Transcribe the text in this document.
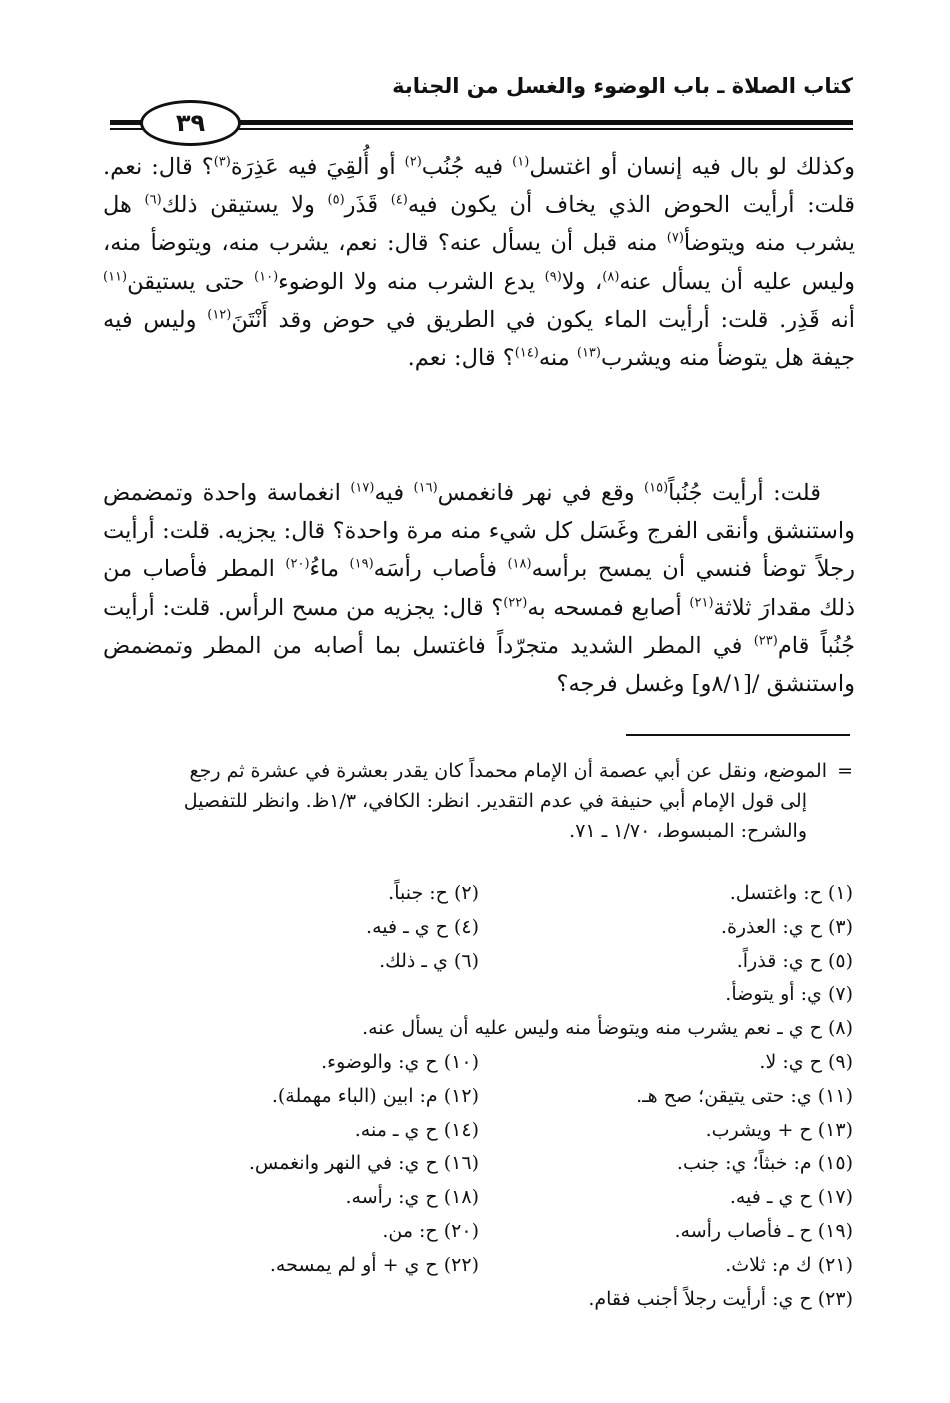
كتاب الصلاة ـ باب الوضوء والغسل من الجنابة
٣٩
وكذلك لو بال فيه إنسان أو اغتسل$^{(١)}$ فيه جُنُب$^{(٢)}$ أو أُلقِيَ فيه عَذِرَة$^{(٣)}$؟ قال: نعم. قلت: أرأيت الحوض الذي يخاف أن يكون فيه$^{(٤)}$ قَذَر$^{(٥)}$ ولا يستيقن ذلك$^{(٦)}$ هل يشرب منه ويتوضأ$^{(٧)}$ منه قبل أن يسأل عنه؟ قال: نعم، يشرب منه، ويتوضأ منه، وليس عليه أن يسأل عنه$^{(٨)}$، ولا$^{(٩)}$ يدع الشرب منه ولا الوضوء$^{(١٠)}$ حتى يستيقن$^{(١١)}$ أنه قَذِر. قلت: أرأيت الماء يكون في الطريق في حوض وقد أَنْتَنَ$^{(١٢)}$ وليس فيه جيفة هل يتوضأ منه ويشرب$^{(١٣)}$ منه$^{(١٤)}$؟ قال: نعم.
قلت: أرأيت جُنُباً$^{(١٥)}$ وقع في نهر فانغمس$^{(١٦)}$ فيه$^{(١٧)}$ انغماسة واحدة وتمضمض واستنشق وأنقى الفرج وغَسَل كل شيء منه مرة واحدة؟ قال: يجزيه. قلت: أرأيت رجلاً توضأ فنسي أن يمسح برأسه$^{(١٨)}$ فأصاب رأسَه$^{(١٩)}$ ماءُ$^{(٢٠)}$ المطر فأصاب من ذلك مقدارَ ثلاثة$^{(٢١)}$ أصابع فمسحه به$^{(٢٢)}$؟ قال: يجزيه من مسح الرأس. قلت: أرأيت جُنُباً قام$^{(٢٣)}$ في المطر الشديد متجرّداً فاغتسل بما أصابه من المطر وتمضمض واستنشق /[٨/١و] وغسل فرجه؟
=الموضع، ونقل عن أبي عصمة أن الإمام محمداً كان يقدر بعشرة في عشرة ثم رجع
إلى قول الإمام أبي حنيفة في عدم التقدير. انظر: الكافي، ١/٣ظ. وانظر للتفصيل
والشرح: المبسوط، ١/٧٠ ـ ٧١.
(١) ح: واغتسل.
(٢) ح: جنباً.
(٣) ح ي: العذرة.
(٤) ح ي ـ فيه.
(٥) ح ي: قذراً.
(٦) ي ـ ذلك.
(٧) ي: أو يتوضأ.
(٨) ح ي ـ نعم يشرب منه ويتوضأ منه وليس عليه أن يسأل عنه.
(٩) ح ي: لا.
(١٠) ح ي: والوضوء.
(١١) ي: حتى يتيقن؛ صح هـ.
(١٢) م: ابين (الباء مهملة).
(١٣) ح + ويشرب.
(١٤) ح ي ـ منه.
(١٥) م: خبثاً؛ ي: جنب.
(١٦) ح ي: في النهر وانغمس.
(١٧) ح ي ـ فيه.
(١٨) ح ي: رأسه.
(١٩) ح ـ فأصاب رأسه.
(٢٠) ح: من.
(٢١) ك م: ثلاث.
(٢٢) ح ي + أو لم يمسحه.
(٢٣) ح ي: أرأيت رجلاً أجنب فقام.
